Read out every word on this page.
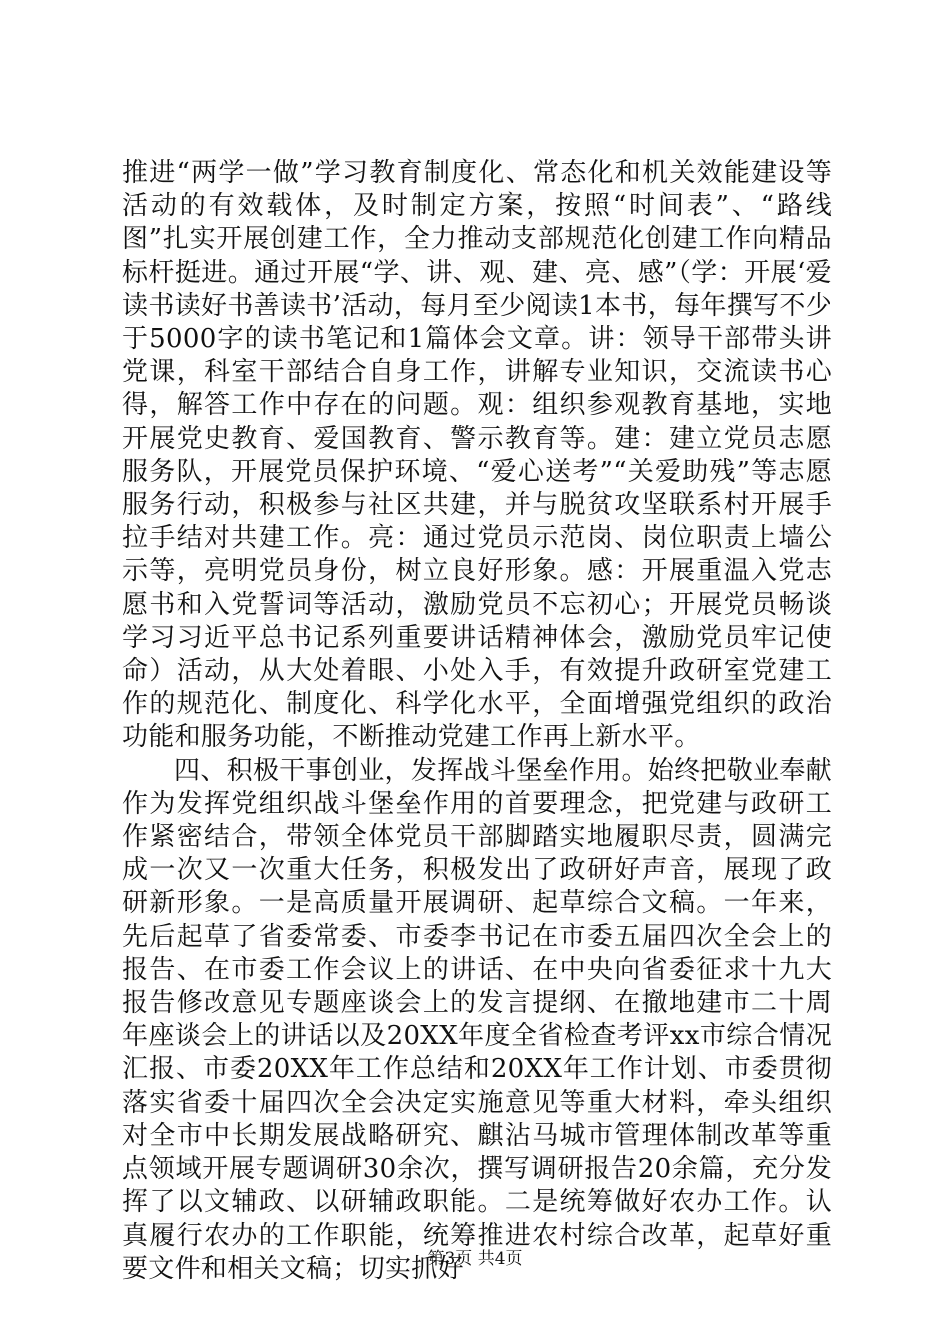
推进“两学一做”学习教育制度化、常态化和机关效能建设等活动的有效载体，及时制定方案，按照“时间表”、“路线图”扎实开展创建工作，全力推动支部规范化创建工作向精品标杆挺进。通过开展“学、讲、观、建、亮、感”（学：开展‘爱读书读好书善读书’活动，每月至少阅读1本书，每年撰写不少于5000字的读书笔记和1篇体会文章。讲：领导干部带头讲党课，科室干部结合自身工作，讲解专业知识，交流读书心得，解答工作中存在的问题。观：组织参观教育基地，实地开展党史教育、爱国教育、警示教育等。建：建立党员志愿服务队，开展党员保护环境、“爱心送考”“关爱助残”等志愿服务行动，积极参与社区共建，并与脱贫攻坚联系村开展手拉手结对共建工作。亮：通过党员示范岗、岗位职责上墙公示等，亮明党员身份，树立良好形象。感：开展重温入党志愿书和入党誓词等活动，激励党员不忘初心；开展党员畅谈学习习近平总书记系列重要讲话精神体会，激励党员牢记使命）活动，从大处着眼、小处入手，有效提升政研室党建工作的规范化、制度化、科学化水平，全面增强党组织的政治功能和服务功能，不断推动党建工作再上新水平。

四、积极干事创业，发挥战斗堡垒作用。始终把敬业奉献作为发挥党组织战斗堡垒作用的首要理念，把党建与政研工作紧密结合，带领全体党员干部脚踏实地履职尽责，圆满完成一次又一次重大任务，积极发出了政研好声音，展现了政研新形象。一是高质量开展调研、起草综合文稿。一年来，先后起草了省委常委、市委李书记在市委五届四次全会上的报告、在市委工作会议上的讲话、在中央向省委征求十九大报告修改意见专题座谈会上的发言提纲、在撤地建市二十周年座谈会上的讲话以及20XX年度全省检查考评xx市综合情况汇报、市委20XX年工作总结和20XX年工作计划、市委贯彻落实省委十届四次全会决定实施意见等重大材料，牵头组织对全市中长期发展战略研究、麒沾马城市管理体制改革等重点领域开展专题调研30余次，撰写调研报告20余篇，充分发挥了以文辅政、以研辅政职能。二是统筹做好农办工作。认真履行农办的工作职能，统筹推进农村综合改革，起草好重要文件和相关文稿；切实抓好

第3页 共4页
